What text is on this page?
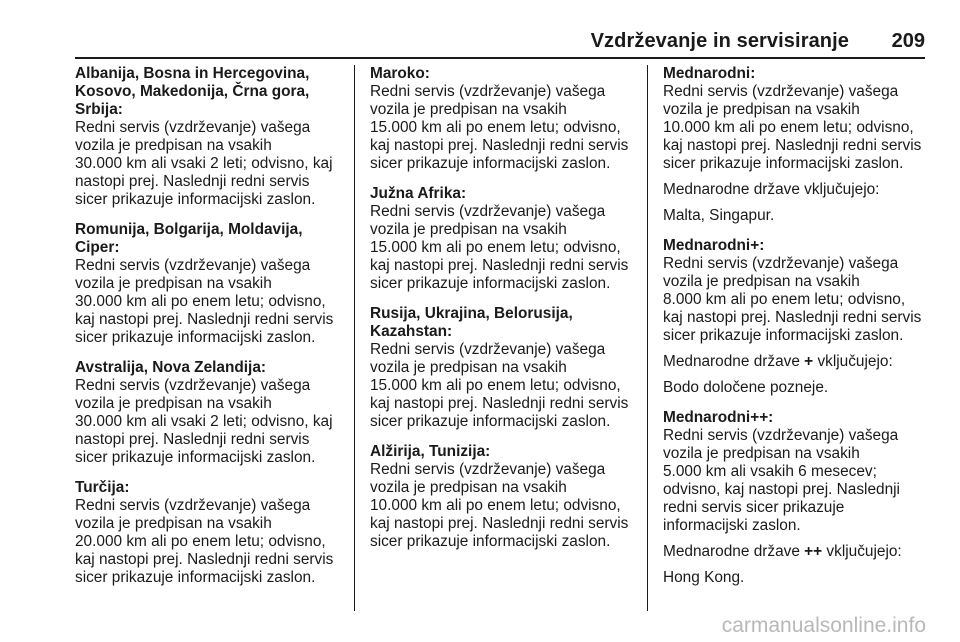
Vzdrževanje in servisiranje 209

Albanija, Bosna in Hercegovina,
Kosovo, Makedonija, Črna gora,
Srbija:

Redni servis (vzdrževanje) vašega
vozila je predpisan na vsakih
30.000 km ali vsaki 2 leti; odvisno, kaj
nastopi prej. Naslednji redni servis
sicer prikazuje informacijski zaslon.

Romunija, Bolgarija, Moldavija,
Ciper:

Redni servis (vzdrževanje) vašega
vozila je predpisan na vsakih
30.000 km ali po enem letu; odvisno,
kaj nastopi prej. Naslednji redni servis
sicer prikazuje informacijski zaslon.

Avstralija, Nova Zelandija:

Redni servis (vzdrževanje) vašega
vozila je predpisan na vsakih
30.000 km ali vsaki 2 leti; odvisno, kaj
nastopi prej. Naslednji redni servis
sicer prikazuje informacijski zaslon.

Turčija:

Redni servis (vzdrževanje) vašega
vozila je predpisan na vsakih
20.000 km ali po enem letu; odvisno,
kaj nastopi prej. Naslednji redni servis
sicer prikazuje informacijski zaslon.

Maroko:

Redni servis (vzdrževanje) vašega
vozila je predpisan na vsakih
15.000 km ali po enem letu; odvisno,
kaj nastopi prej. Naslednji redni servis
sicer prikazuje informacijski zaslon.

Južna Afrika:

Redni servis (vzdrževanje) vašega
vozila je predpisan na vsakih
15.000 km ali po enem letu; odvisno,
kaj nastopi prej. Naslednji redni servis
sicer prikazuje informacijski zaslon.

Rusija, Ukrajina, Belorusija,
Kazahstan:

Redni servis (vzdrževanje) vašega
vozila je predpisan na vsakih
15.000 km ali po enem letu; odvisno,
kaj nastopi prej. Naslednji redni servis
sicer prikazuje informacijski zaslon.

Alžirija, Tunizija:

Redni servis (vzdrževanje) vašega
vozila je predpisan na vsakih
10.000 km ali po enem letu; odvisno,
kaj nastopi prej. Naslednji redni servis
sicer prikazuje informacijski zaslon.

Mednarodni:

Redni servis (vzdrževanje) vašega
vozila je predpisan na vsakih
10.000 km ali po enem letu; odvisno,
kaj nastopi prej. Naslednji redni servis
sicer prikazuje informacijski zaslon.

Mednarodne države vključujejo:

Malta, Singapur.

Mednarodni+:

Redni servis (vzdrževanje) vašega
vozila je predpisan na vsakih
8.000 km ali po enem letu; odvisno,
kaj nastopi prej. Naslednji redni servis
sicer prikazuje informacijski zaslon.

Mednarodne države + vključujejo:

Bodo določene pozneje.

Mednarodni++:

Redni servis (vzdrževanje) vašega
vozila je predpisan na vsakih
5.000 km ali vsakih 6 mesecev;
odvisno, kaj nastopi prej. Naslednji
redni servis sicer prikazuje
informacijski zaslon.

Mednarodne države ++ vključujejo:

Hong Kong.

carmanualsonline.info
